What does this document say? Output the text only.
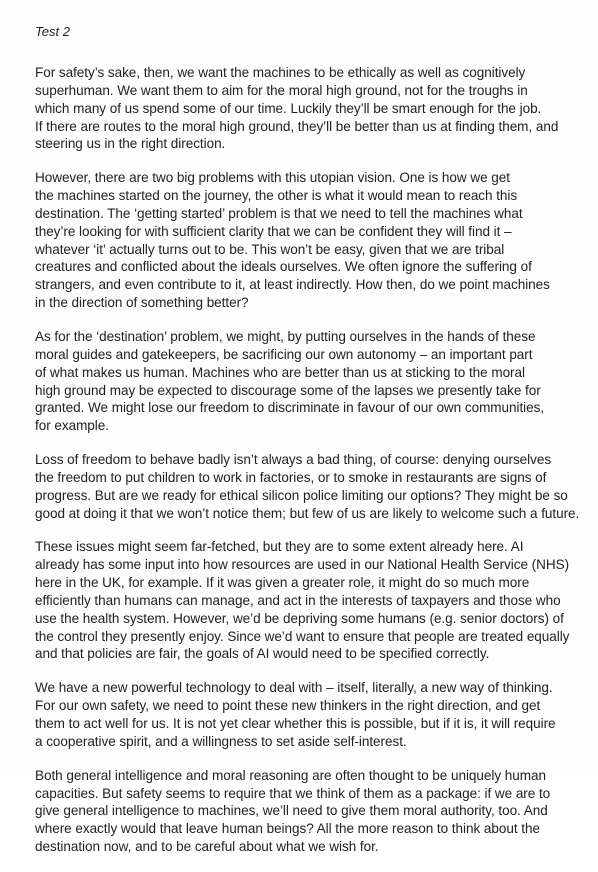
Test 2

For safety’s sake, then, we want the machines to be ethically as well as cognitively
superhuman. We want them to aim for the moral high ground, not for the troughs in
which many of us spend some of our time. Luckily they’ll be smart enough for the job.
If there are routes to the moral high ground, they’ll be better than us at finding them, and
steering us in the right direction.

However, there are two big problems with this utopian vision. One is how we get
the machines started on the journey, the other is what it would mean to reach this
destination. The ‘getting started’ problem is that we need to tell the machines what
they’re looking for with sufficient clarity that we can be confident they will find it –
whatever ‘it’ actually turns out to be. This won’t be easy, given that we are tribal
creatures and conflicted about the ideals ourselves. We often ignore the suffering of
strangers, and even contribute to it, at least indirectly. How then, do we point machines
in the direction of something better?

As for the ‘destination’ problem, we might, by putting ourselves in the hands of these
moral guides and gatekeepers, be sacrificing our own autonomy – an important part
of what makes us human. Machines who are better than us at sticking to the moral
high ground may be expected to discourage some of the lapses we presently take for
granted. We might lose our freedom to discriminate in favour of our own communities,
for example.

Loss of freedom to behave badly isn’t always a bad thing, of course: denying ourselves
the freedom to put children to work in factories, or to smoke in restaurants are signs of
progress. But are we ready for ethical silicon police limiting our options? They might be so
good at doing it that we won’t notice them; but few of us are likely to welcome such a future.

These issues might seem far-fetched, but they are to some extent already here. AI
already has some input into how resources are used in our National Health Service (NHS)
here in the UK, for example. If it was given a greater role, it might do so much more
efficiently than humans can manage, and act in the interests of taxpayers and those who
use the health system. However, we’d be depriving some humans (e.g. senior doctors) of
the control they presently enjoy. Since we’d want to ensure that people are treated equally
and that policies are fair, the goals of AI would need to be specified correctly.

We have a new powerful technology to deal with – itself, literally, a new way of thinking.
For our own safety, we need to point these new thinkers in the right direction, and get
them to act well for us. It is not yet clear whether this is possible, but if it is, it will require
a cooperative spirit, and a willingness to set aside self-interest.

Both general intelligence and moral reasoning are often thought to be uniquely human
capacities. But safety seems to require that we think of them as a package: if we are to
give general intelligence to machines, we’ll need to give them moral authority, too. And
where exactly would that leave human beings? All the more reason to think about the
destination now, and to be careful about what we wish for.
